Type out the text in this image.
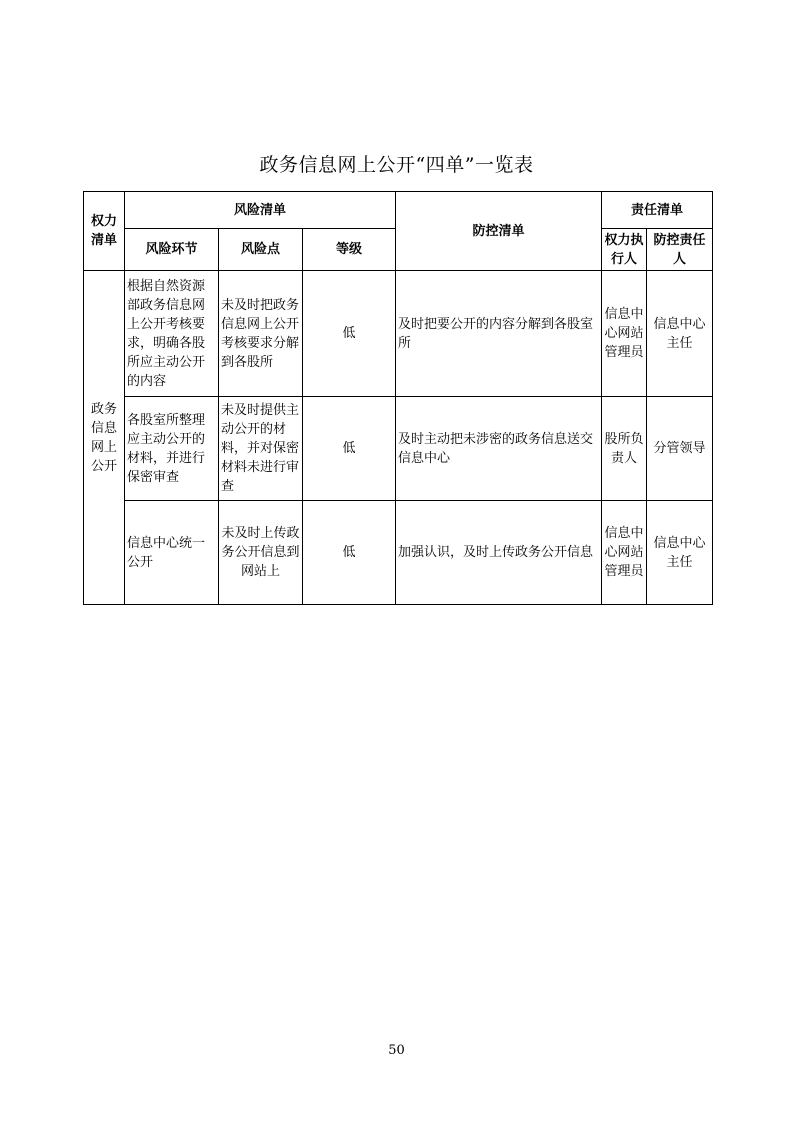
政务信息网上公开“四单”一览表
权力清单	风险清单			防控清单	责任清单	
	风险环节	风险点	等级		权力执行人	防控责任人
政务信息网上公开	根据自然资源部政务信息网上公开考核要求，明确各股所应主动公开的内容	未及时把政务信息网上公开考核要求分解到各股所	低	及时把要公开的内容分解到各股室所	信息中心网站管理员	信息中心主任
	各股室所整理应主动公开的材料，并进行保密审查	未及时提供主动公开的材料，并对保密材料未进行审查	低	及时主动把未涉密的政务信息送交信息中心	股所负责人	分管领导
	信息中心统一公开	未及时上传政务公开信息到网站上	低	加强认识，及时上传政务公开信息	信息中心网站管理员	信息中心主任
50
